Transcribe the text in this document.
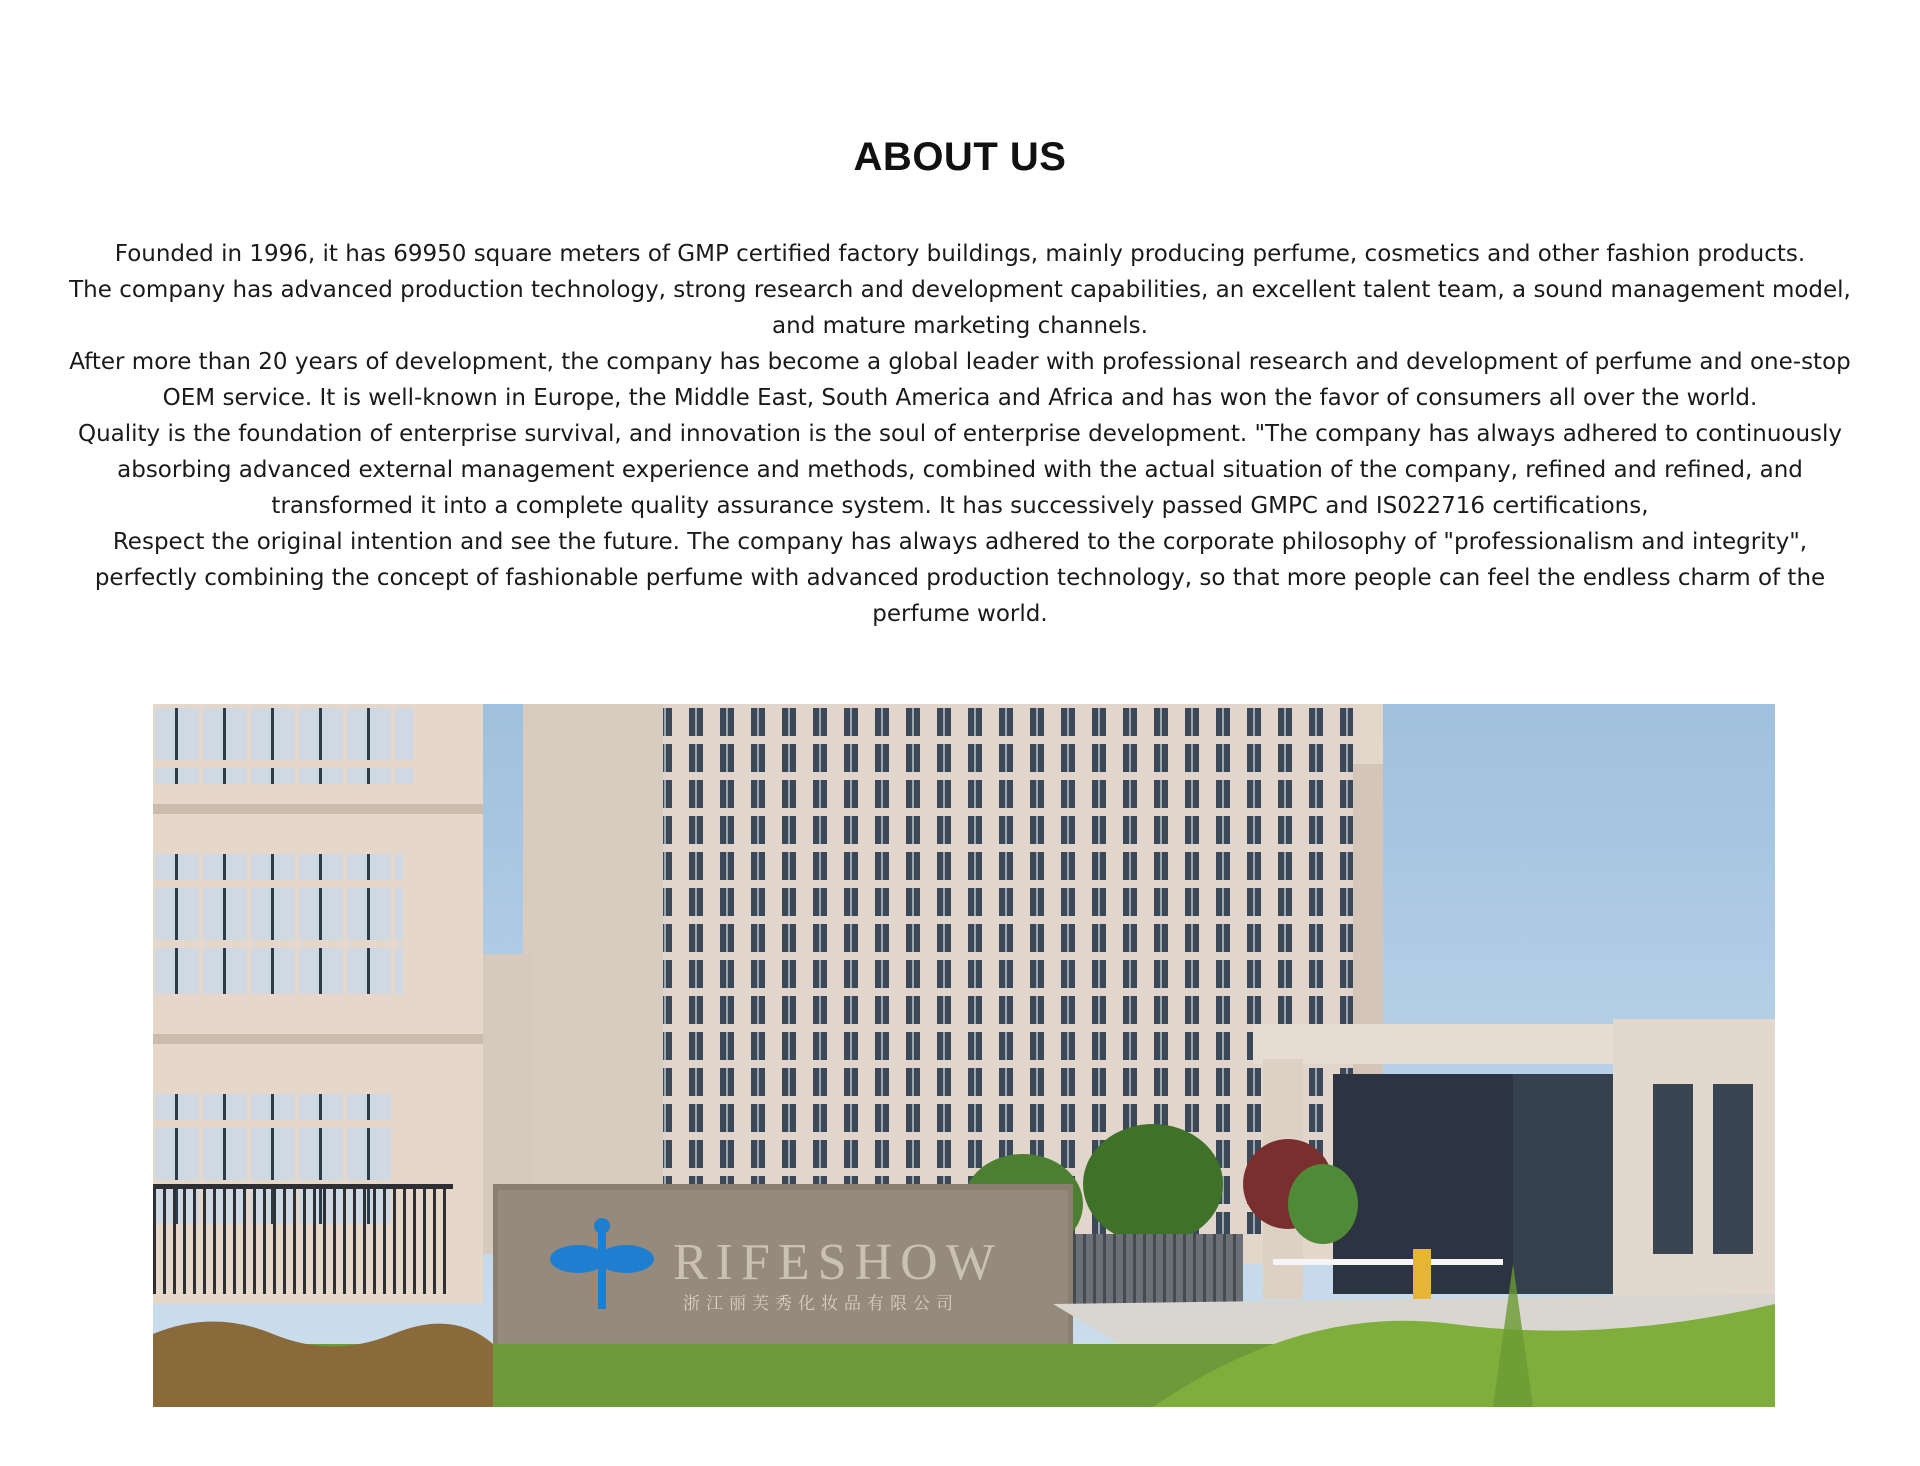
ABOUT US

Founded in 1996, it has 69950 square meters of GMP certified factory buildings, mainly producing perfume, cosmetics and other fashion products.

The company has advanced production technology, strong research and development capabilities, an excellent talent team, a sound management model, and mature marketing channels.

After more than 20 years of development, the company has become a global leader with professional research and development of perfume and one-stop OEM service. It is well-known in Europe, the Middle East, South America and Africa and has won the favor of consumers all over the world.

Quality is the foundation of enterprise survival, and innovation is the soul of enterprise development. "The company has always adhered to continuously absorbing advanced external management experience and methods, combined with the actual situation of the company, refined and refined, and transformed it into a complete quality assurance system. It has successively passed GMPC and IS022716 certifications,

Respect the original intention and see the future. The company has always adhered to the corporate philosophy of "professionalism and integrity", perfectly combining the concept of fashionable perfume with advanced production technology, so that more people can feel the endless charm of the perfume world.

RIFESHOW
浙江丽芙秀化妆品有限公司
